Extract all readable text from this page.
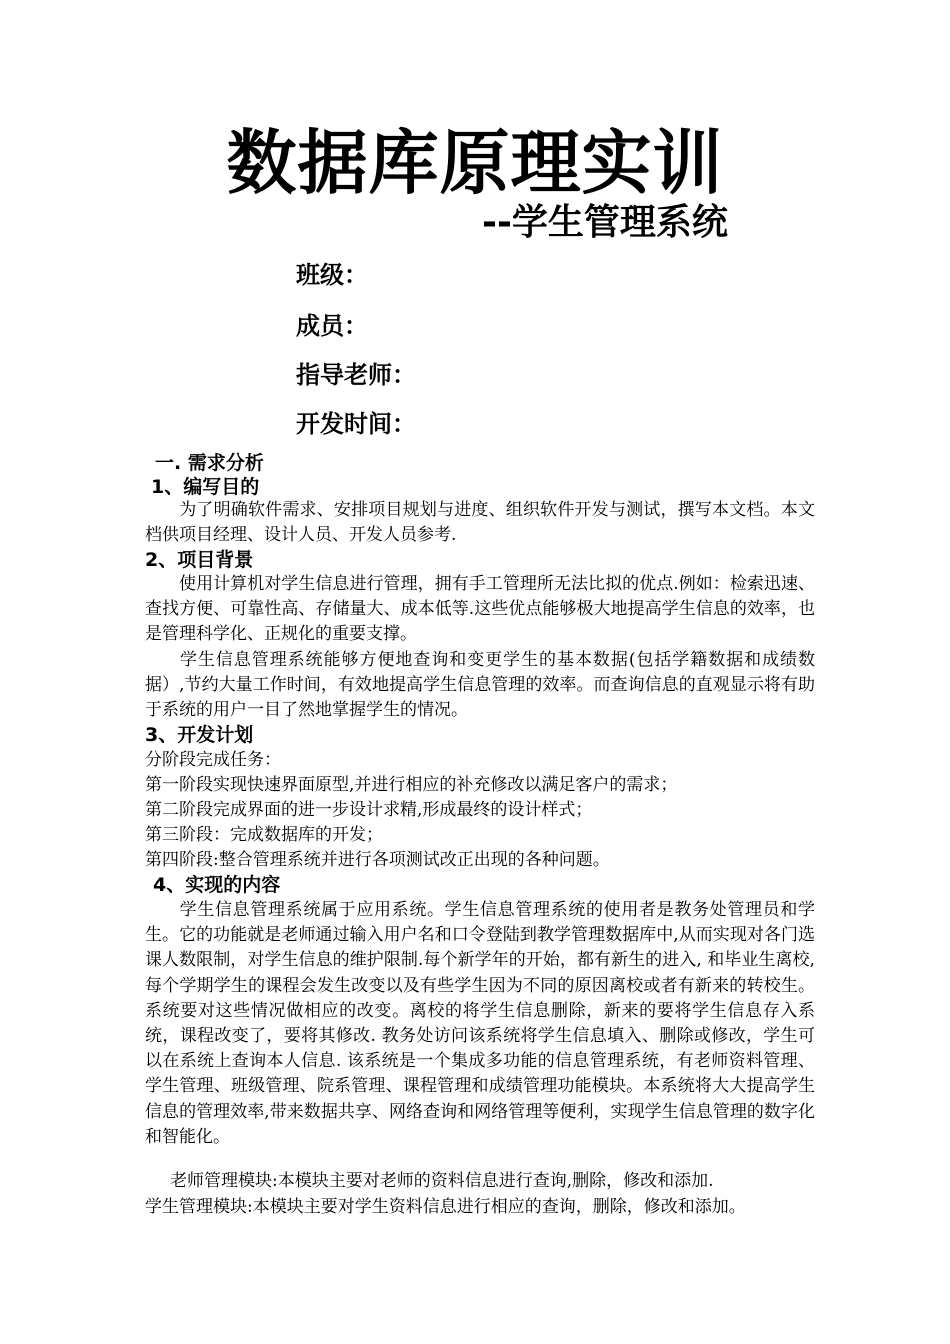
数据库原理实训
--学生管理系统
班级：
成员：
指导老师：
开发时间：
一. 需求分析
1、编写目的
为了明确软件需求、安排项目规划与进度、组织软件开发与测试，撰写本文档。本文档供项目经理、设计人员、开发人员参考.
2、项目背景
使用计算机对学生信息进行管理，拥有手工管理所无法比拟的优点.例如：检索迅速、查找方便、可靠性高、存储量大、成本低等.这些优点能够极大地提高学生信息的效率，也是管理科学化、正规化的重要支撑。
学生信息管理系统能够方便地查询和变更学生的基本数据(包括学籍数据和成绩数据）,节约大量工作时间，有效地提高学生信息管理的效率。而查询信息的直观显示将有助于系统的用户一目了然地掌握学生的情况。
3、开发计划
分阶段完成任务：
第一阶段实现快速界面原型,并进行相应的补充修改以满足客户的需求；
第二阶段完成界面的进一步设计求精,形成最终的设计样式；
第三阶段：完成数据库的开发；
第四阶段:整合管理系统并进行各项测试改正出现的各种问题。
4、实现的内容
学生信息管理系统属于应用系统。学生信息管理系统的使用者是教务处管理员和学生。它的功能就是老师通过输入用户名和口令登陆到教学管理数据库中,从而实现对各门选课人数限制，对学生信息的维护限制.每个新学年的开始，都有新生的进入, 和毕业生离校, 每个学期学生的课程会发生改变以及有些学生因为不同的原因离校或者有新来的转校生。系统要对这些情况做相应的改变。离校的将学生信息删除，新来的要将学生信息存入系统，课程改变了，要将其修改. 教务处访问该系统将学生信息填入、删除或修改，学生可以在系统上查询本人信息. 该系统是一个集成多功能的信息管理系统，有老师资料管理、学生管理、班级管理、院系管理、课程管理和成绩管理功能模块。本系统将大大提高学生信息的管理效率,带来数据共享、网络查询和网络管理等便利，实现学生信息管理的数字化和智能化。
老师管理模块:本模块主要对老师的资料信息进行查询,删除，修改和添加.
学生管理模块:本模块主要对学生资料信息进行相应的查询，删除，修改和添加。
